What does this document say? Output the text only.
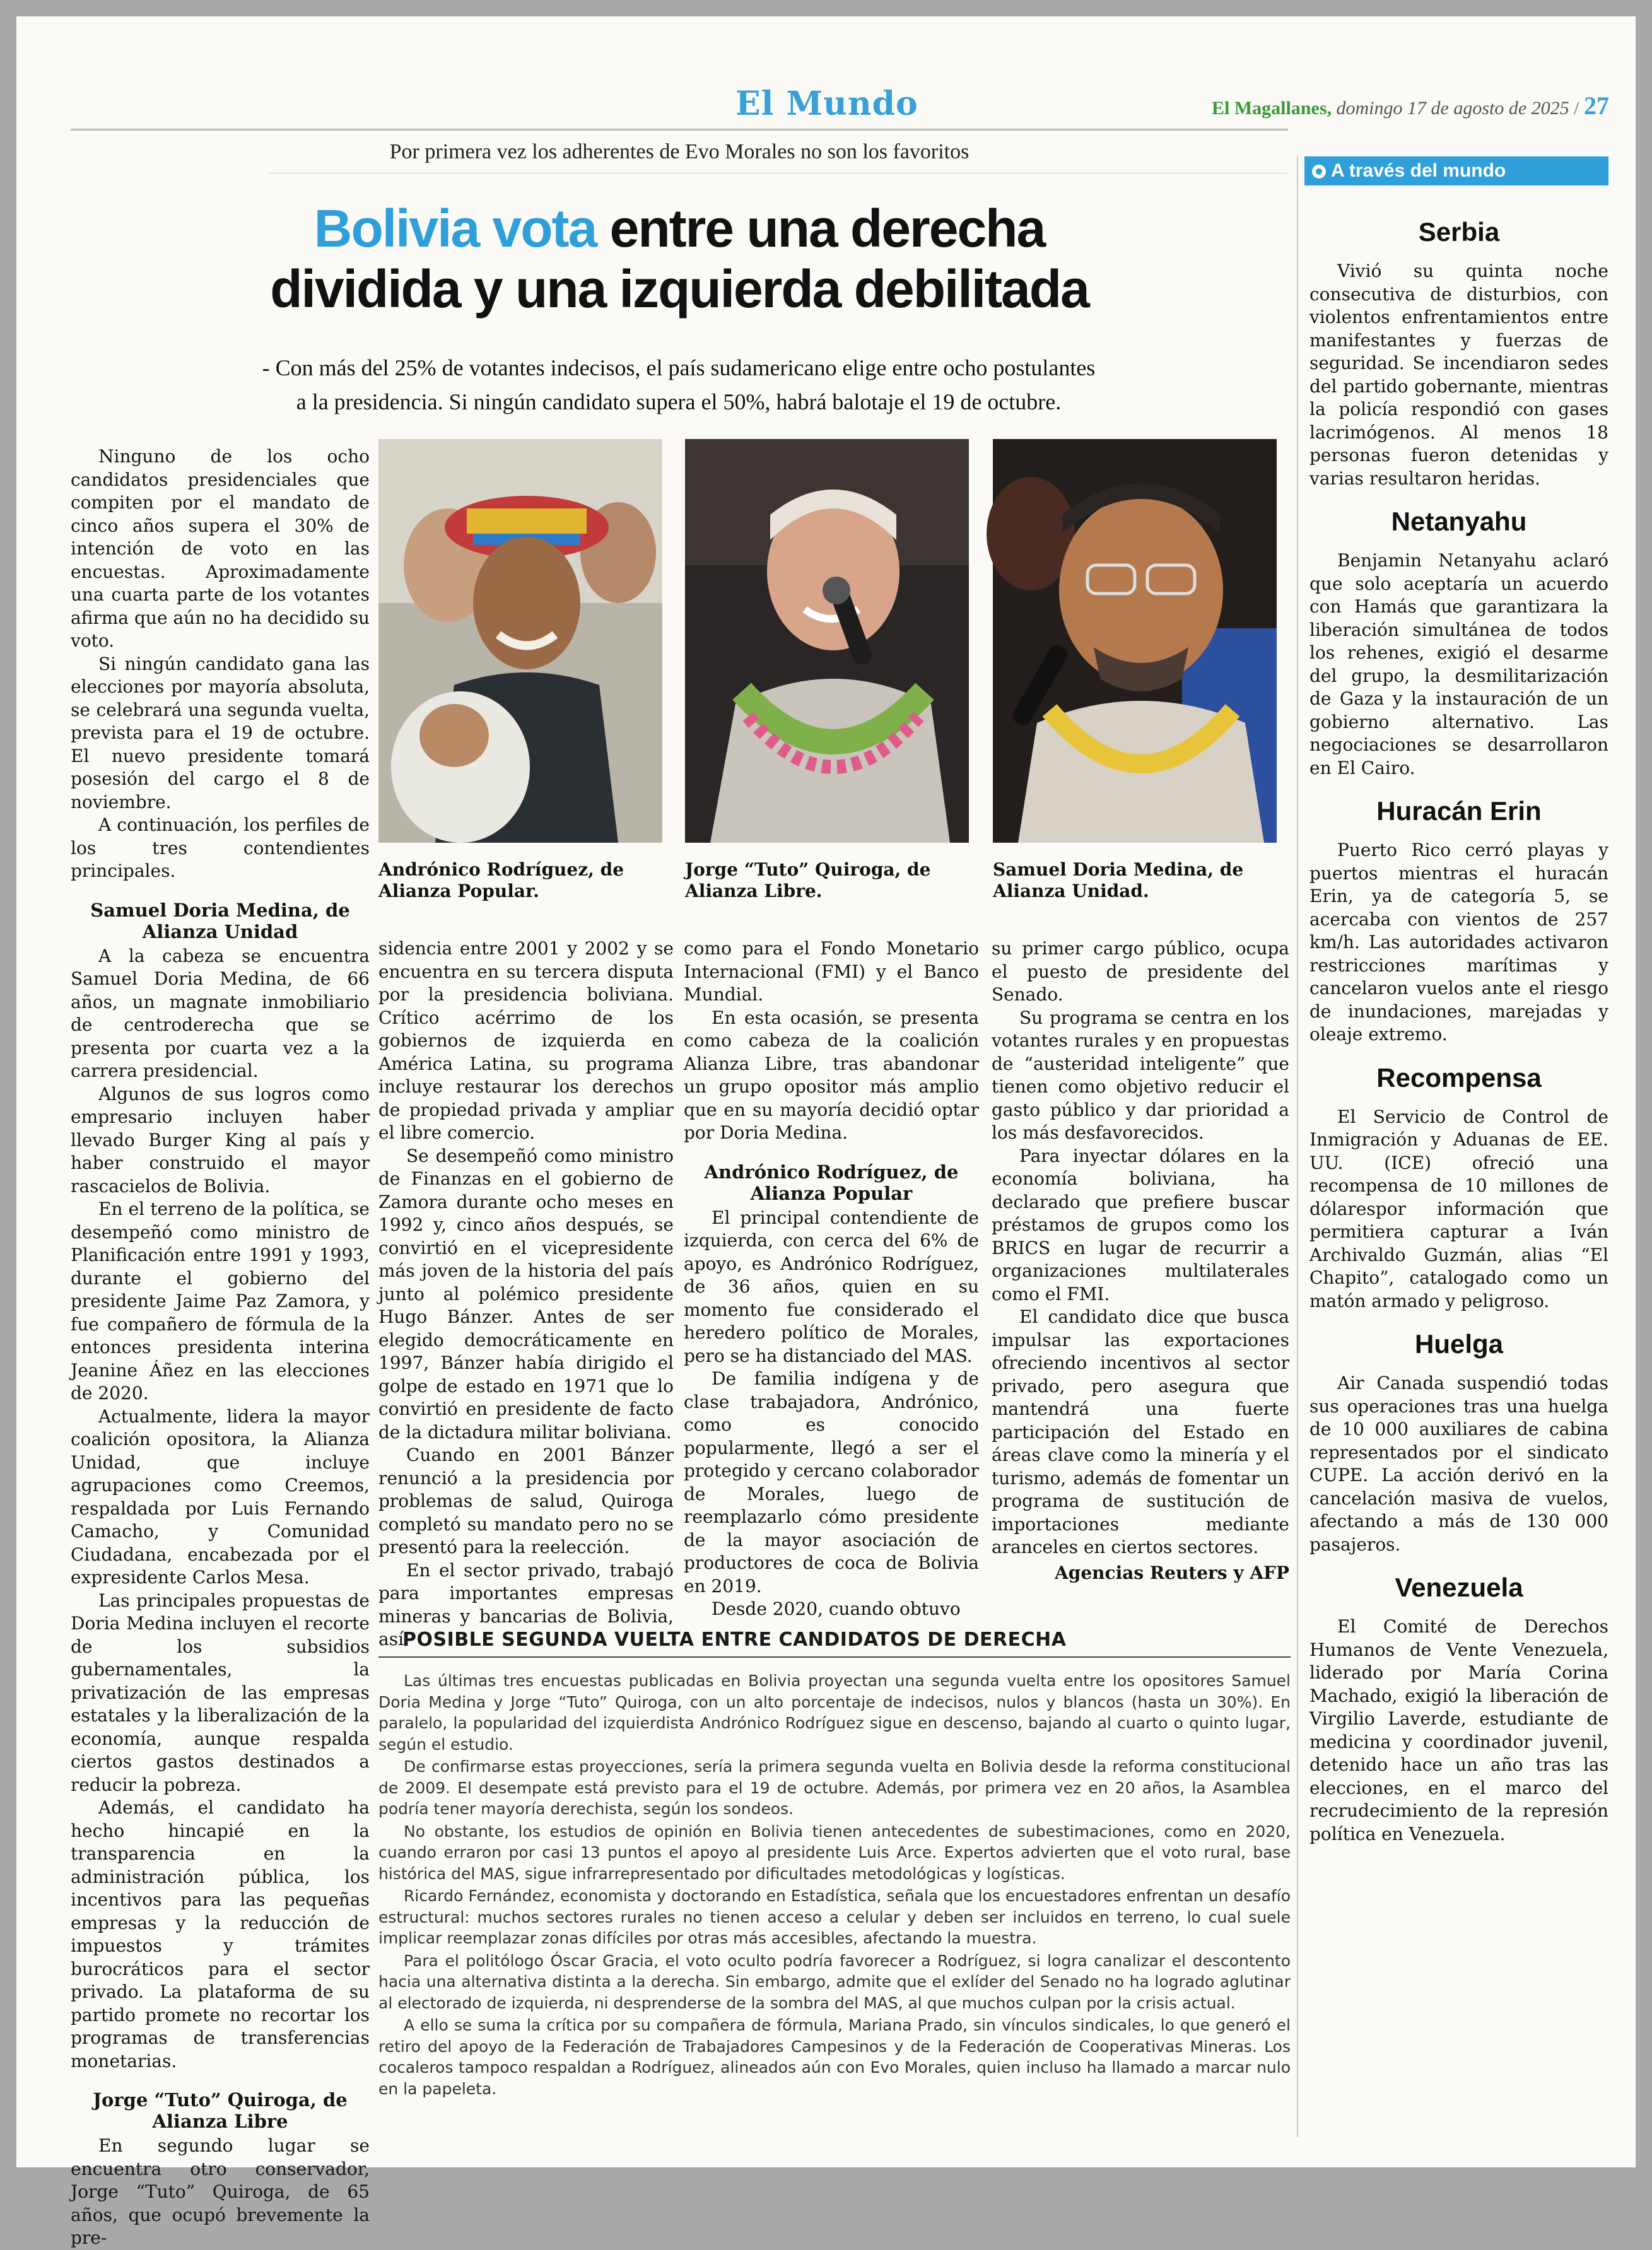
El Mundo	El Magallanes, domingo 17 de agosto de 2025 / 27
Por primera vez los adherentes de Evo Morales no son los favoritos
Bolivia vota entre una derecha
dividida y una izquierda debilitada
- Con más del 25% de votantes indecisos, el país sudamericano elige entre ocho postulantes
a la presidencia. Si ningún candidato supera el 50%, habrá balotaje el 19 de octubre.

Ninguno de los ocho candidatos presidenciales que compiten por el mandato de cinco años supera el 30% de intención de voto en las encuestas. Aproximadamente una cuarta parte de los votantes afirma que aún no ha decidido su voto.

Si ningún candidato gana las elecciones por mayoría absoluta, se celebrará una segunda vuelta, prevista para el 19 de octubre. El nuevo presidente tomará posesión del cargo el 8 de noviembre.

A continuación, los perfiles de los tres contendientes principales.

Samuel Doria Medina, de Alianza Unidad

A la cabeza se encuentra Samuel Doria Medina, de 66 años, un magnate inmobiliario de centroderecha que se presenta por cuarta vez a la carrera presidencial.

Algunos de sus logros como empresario incluyen haber llevado Burger King al país y haber construido el mayor rascacielos de Bolivia.

En el terreno de la política, se desempeñó como ministro de Planificación entre 1991 y 1993, durante el gobierno del presidente Jaime Paz Zamora, y fue compañero de fórmula de la entonces presidenta interina Jeanine Áñez en las elecciones de 2020.

Actualmente, lidera la mayor coalición opositora, la Alianza Unidad, que incluye agrupaciones como Creemos, respaldada por Luis Fernando Camacho, y Comunidad Ciudadana, encabezada por el expresidente Carlos Mesa.

Las principales propuestas de Doria Medina incluyen el recorte de los subsidios gubernamentales, la privatización de las empresas estatales y la liberalización de la economía, aunque respalda ciertos gastos destinados a reducir la pobreza.

Además, el candidato ha hecho hincapié en la transparencia en la administración pública, los incentivos para las pequeñas empresas y la reducción de impuestos y trámites burocráticos para el sector privado. La plataforma de su partido promete no recortar los programas de transferencias monetarias.

Jorge “Tuto” Quiroga, de Alianza Libre

En segundo lugar se encuentra otro conservador, Jorge “Tuto” Quiroga, de 65 años, que ocupó brevemente la pre-

Andrónico Rodríguez, de Alianza Popular.
Jorge “Tuto” Quiroga, de Alianza Libre.
Samuel Doria Medina, de Alianza Unidad.

sidencia entre 2001 y 2002 y se encuentra en su tercera disputa por la presidencia boliviana. Crítico acérrimo de los gobiernos de izquierda en América Latina, su programa incluye restaurar los derechos de propiedad privada y ampliar el libre comercio.

Se desempeñó como ministro de Finanzas en el gobierno de Zamora durante ocho meses en 1992 y, cinco años después, se convirtió en el vicepresidente más joven de la historia del país junto al polémico presidente Hugo Bánzer. Antes de ser elegido democráticamente en 1997, Bánzer había dirigido el golpe de estado en 1971 que lo convirtió en presidente de facto de la dictadura militar boliviana.

Cuando en 2001 Bánzer renunció a la presidencia por problemas de salud, Quiroga completó su mandato pero no se presentó para la reelección.

En el sector privado, trabajó para importantes empresas mineras y bancarias de Bolivia, así

como para el Fondo Monetario Internacional (FMI) y el Banco Mundial.

En esta ocasión, se presenta como cabeza de la coalición Alianza Libre, tras abandonar un grupo opositor más amplio que en su mayoría decidió optar por Doria Medina.

Andrónico Rodríguez, de Alianza Popular

El principal contendiente de izquierda, con cerca del 6% de apoyo, es Andrónico Rodríguez, de 36 años, quien en su momento fue considerado el heredero político de Morales, pero se ha distanciado del MAS.

De familia indígena y de clase trabajadora, Andrónico, como es conocido popularmente, llegó a ser el protegido y cercano colaborador de Morales, luego de reemplazarlo cómo presidente de la mayor asociación de productores de coca de Bolivia en 2019.

Desde 2020, cuando obtuvo

su primer cargo público, ocupa el puesto de presidente del Senado.

Su programa se centra en los votantes rurales y en propuestas de “austeridad inteligente” que tienen como objetivo reducir el gasto público y dar prioridad a los más desfavorecidos.

Para inyectar dólares en la economía boliviana, ha declarado que prefiere buscar préstamos de grupos como los BRICS en lugar de recurrir a organizaciones multilaterales como el FMI.

El candidato dice que busca impulsar las exportaciones ofreciendo incentivos al sector privado, pero asegura que mantendrá una fuerte participación del Estado en áreas clave como la minería y el turismo, además de fomentar un programa de sustitución de importaciones mediante aranceles en ciertos sectores.

Agencias Reuters y AFP
POSIBLE SEGUNDA VUELTA ENTRE CANDIDATOS DE DERECHA

Las últimas tres encuestas publicadas en Bolivia proyectan una segunda vuelta entre los opositores Samuel Doria Medina y Jorge “Tuto” Quiroga, con un alto porcentaje de indecisos, nulos y blancos (hasta un 30%). En paralelo, la popularidad del izquierdista Andrónico Rodríguez sigue en descenso, bajando al cuarto o quinto lugar, según el estudio.

De confirmarse estas proyecciones, sería la primera segunda vuelta en Bolivia desde la reforma constitucional de 2009. El desempate está previsto para el 19 de octubre. Además, por primera vez en 20 años, la Asamblea podría tener mayoría derechista, según los sondeos.

No obstante, los estudios de opinión en Bolivia tienen antecedentes de subestimaciones, como en 2020, cuando erraron por casi 13 puntos el apoyo al presidente Luis Arce. Expertos advierten que el voto rural, base histórica del MAS, sigue infrarrepresentado por dificultades metodológicas y logísticas.

Ricardo Fernández, economista y doctorando en Estadística, señala que los encuestadores enfrentan un desafío estructural: muchos sectores rurales no tienen acceso a celular y deben ser incluidos en terreno, lo cual suele implicar reemplazar zonas difíciles por otras más accesibles, afectando la muestra.

Para el politólogo Óscar Gracia, el voto oculto podría favorecer a Rodríguez, si logra canalizar el descontento hacia una alternativa distinta a la derecha. Sin embargo, admite que el exlíder del Senado no ha logrado aglutinar al electorado de izquierda, ni desprenderse de la sombra del MAS, al que muchos culpan por la crisis actual.

A ello se suma la crítica por su compañera de fórmula, Mariana Prado, sin vínculos sindicales, lo que generó el retiro del apoyo de la Federación de Trabajadores Campesinos y de la Federación de Cooperativas Mineras. Los cocaleros tampoco respaldan a Rodríguez, alineados aún con Evo Morales, quien incluso ha llamado a marcar nulo en la papeleta.

A través del mundo
Serbia

Vivió su quinta noche consecutiva de disturbios, con violentos enfrentamientos entre manifestantes y fuerzas de seguridad. Se incendiaron sedes del partido gobernante, mientras la policía respondió con gases lacrimógenos. Al menos 18 personas fueron detenidas y varias resultaron heridas.

Netanyahu

Benjamin Netanyahu aclaró que solo aceptaría un acuerdo con Hamás que garantizara la liberación simultánea de todos los rehenes, exigió el desarme del grupo, la desmilitarización de Gaza y la instauración de un gobierno alternativo. Las negociaciones se desarrollaron en El Cairo.

Huracán Erin

Puerto Rico cerró playas y puertos mientras el huracán Erin, ya de categoría 5, se acercaba con vientos de 257 km/h. Las autoridades activaron restricciones marítimas y cancelaron vuelos ante el riesgo de inundaciones, marejadas y oleaje extremo.

Recompensa

El Servicio de Control de Inmigración y Aduanas de EE. UU. (ICE) ofreció una recompensa de 10 millones de dólarespor información que permitiera capturar a Iván Archivaldo Guzmán, alias “El Chapito”, catalogado como un matón armado y peligroso.

Huelga

Air Canada suspendió todas sus operaciones tras una huelga de 10 000 auxiliares de cabina representados por el sindicato CUPE. La acción derivó en la cancelación masiva de vuelos, afectando a más de 130 000 pasajeros.

Venezuela

El Comité de Derechos Humanos de Vente Venezuela, liderado por María Corina Machado, exigió la liberación de Virgilio Laverde, estudiante de medicina y coordinador juvenil, detenido hace un año tras las elecciones, en el marco del recrudecimiento de la represión política en Venezuela.
